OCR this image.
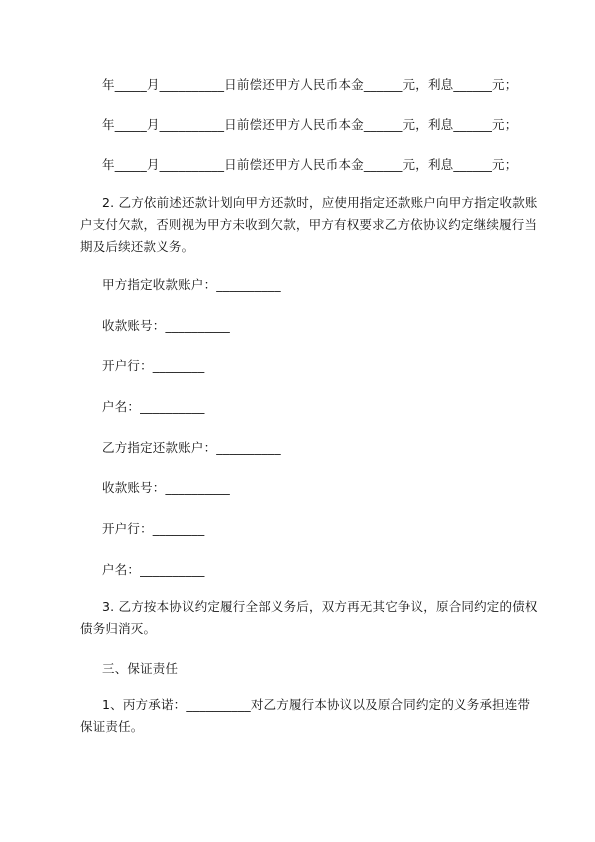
年_____月__________日前偿还甲方人民币本金______元，利息______元；
年_____月__________日前偿还甲方人民币本金______元，利息______元；
年_____月__________日前偿还甲方人民币本金______元，利息______元；
2. 乙方依前述还款计划向甲方还款时，应使用指定还款账户向甲方指定收款账户支付欠款，否则视为甲方未收到欠款，甲方有权要求乙方依协议约定继续履行当期及后续还款义务。
甲方指定收款账户：__________
收款账号：__________
开户行：________
户名：__________
乙方指定还款账户：__________
收款账号：__________
开户行：________
户名：__________
3. 乙方按本协议约定履行全部义务后，双方再无其它争议，原合同约定的债权债务归消灭。
三、保证责任
1、丙方承诺：__________对乙方履行本协议以及原合同约定的义务承担连带保证责任。
